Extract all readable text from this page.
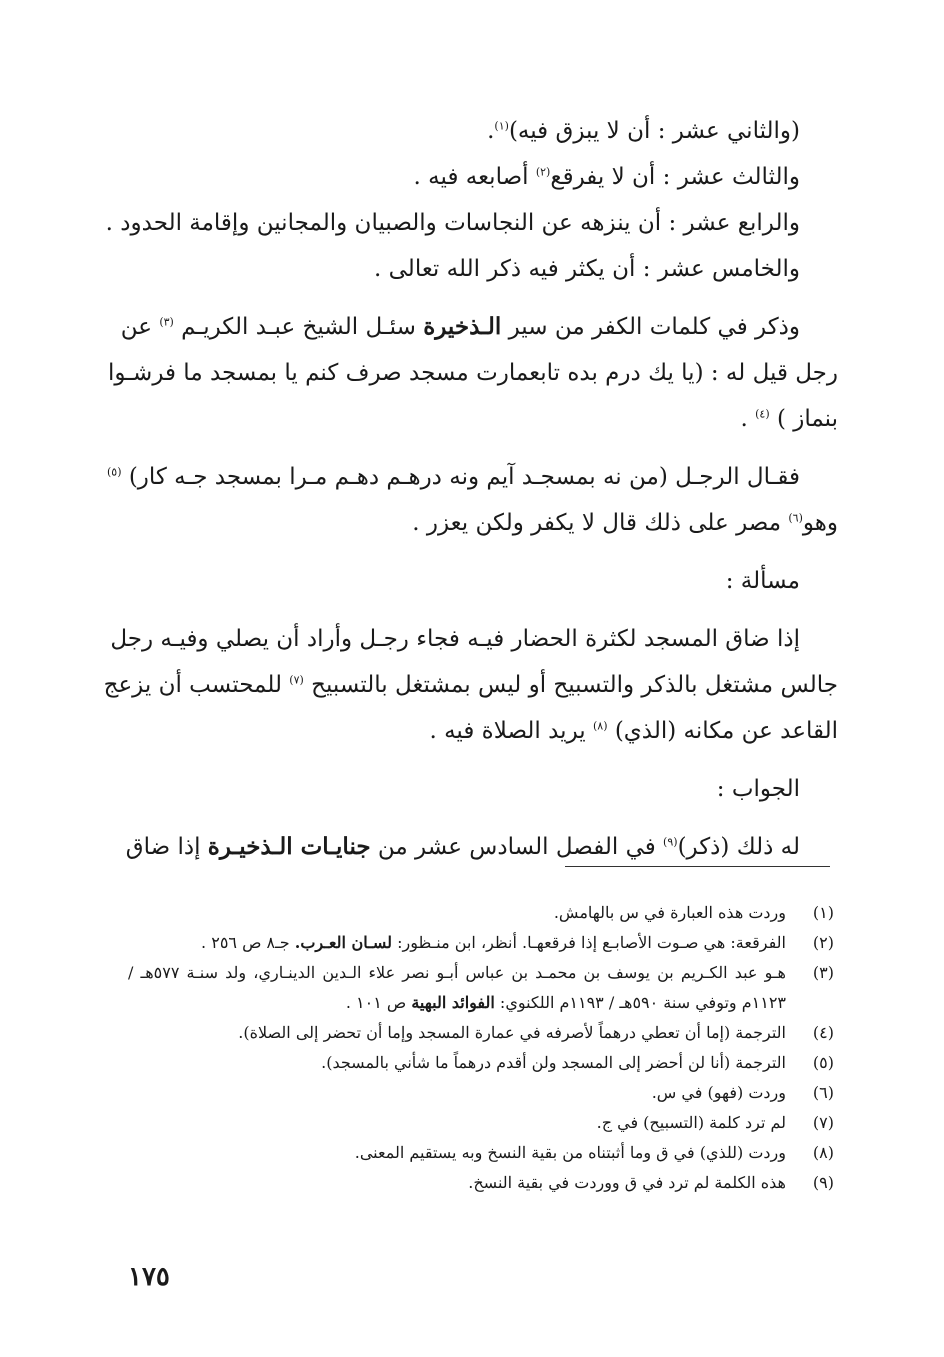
(والثاني عشر : أن لا يبزق فيه)$^{(١)}$.
والثالث عشر : أن لا يفرقع$^{(٢)}$ أصابعه فيه .
والرابع عشر : أن ينزهه عن النجاسات والصبيان والمجانين وإقامة الحدود .
والخامس عشر : أن يكثر فيه ذكر الله تعالى .
وذكر في كلمات الكفر من سير الـذخيرة سئـل الشيخ عبـد الكريـم $^{(٣)}$ عن
رجل قيل له : (يا يك درم بده تابعمارت مسجد صرف كنم يا بمسجد ما فرشـوا
بنماز ) $^{(٤)}$ .
فقـال الرجـل (من نه بمسجـد آيم ونه درهـم دهـم مـرا بمسجد جـه كار) $^{(٥)}$
وهو$^{(٦)}$ مصر على ذلك قال لا يكفر ولكن يعزر .
مسألة :
إذا ضاق المسجد لكثرة الحضار فيـه فجاء رجـل وأراد أن يصلي وفيـه رجل
جالس مشتغل بالذكر والتسبيح أو ليس بمشتغل بالتسبيح $^{(٧)}$ للمحتسب أن يزعج
القاعد عن مكانه (الذي) $^{(٨)}$ يريد الصلاة فيه .
الجواب :
له ذلك (ذكر)$^{(٩)}$ في الفصل السادس عشر من جنايـات الـذخيـرة إذا ضاق
(١)
وردت هذه العبارة في س بالهامش.
(٢)
الفرقعة: هي صـوت الأصابـع إذا فرقعهـا. أنظر، ابن منـظور: لسـان العـرب. جـ٨ ص ٢٥٦ .
(٣)
هـو عبد الكـريم بن يوسف بن محمـد بن عباس أبـو نصر علاء الـدين الدينـاري، ولد سنـة ٥٧٧هـ /١١٢٣م وتوفي سنة ٥٩٠هـ / ١١٩٣م اللكنوي: الفوائد البهية ص ١٠١ .
(٤)
الترجمة (إما أن تعطي درهماً لأصرفه في عمارة المسجد وإما أن تحضر إلى الصلاة).
(٥)
الترجمة (أنا لن أحضر إلى المسجد ولن أقدم درهماً ما شأني بالمسجد).
(٦)
وردت (فهو) في س.
(٧)
لم ترد كلمة (التسبيح) في ج.
(٨)
وردت (للذي) في ق وما أثبتناه من بقية النسخ وبه يستقيم المعنى.
(٩)
هذه الكلمة لم ترد في ق ووردت في بقية النسخ.
١٧٥
